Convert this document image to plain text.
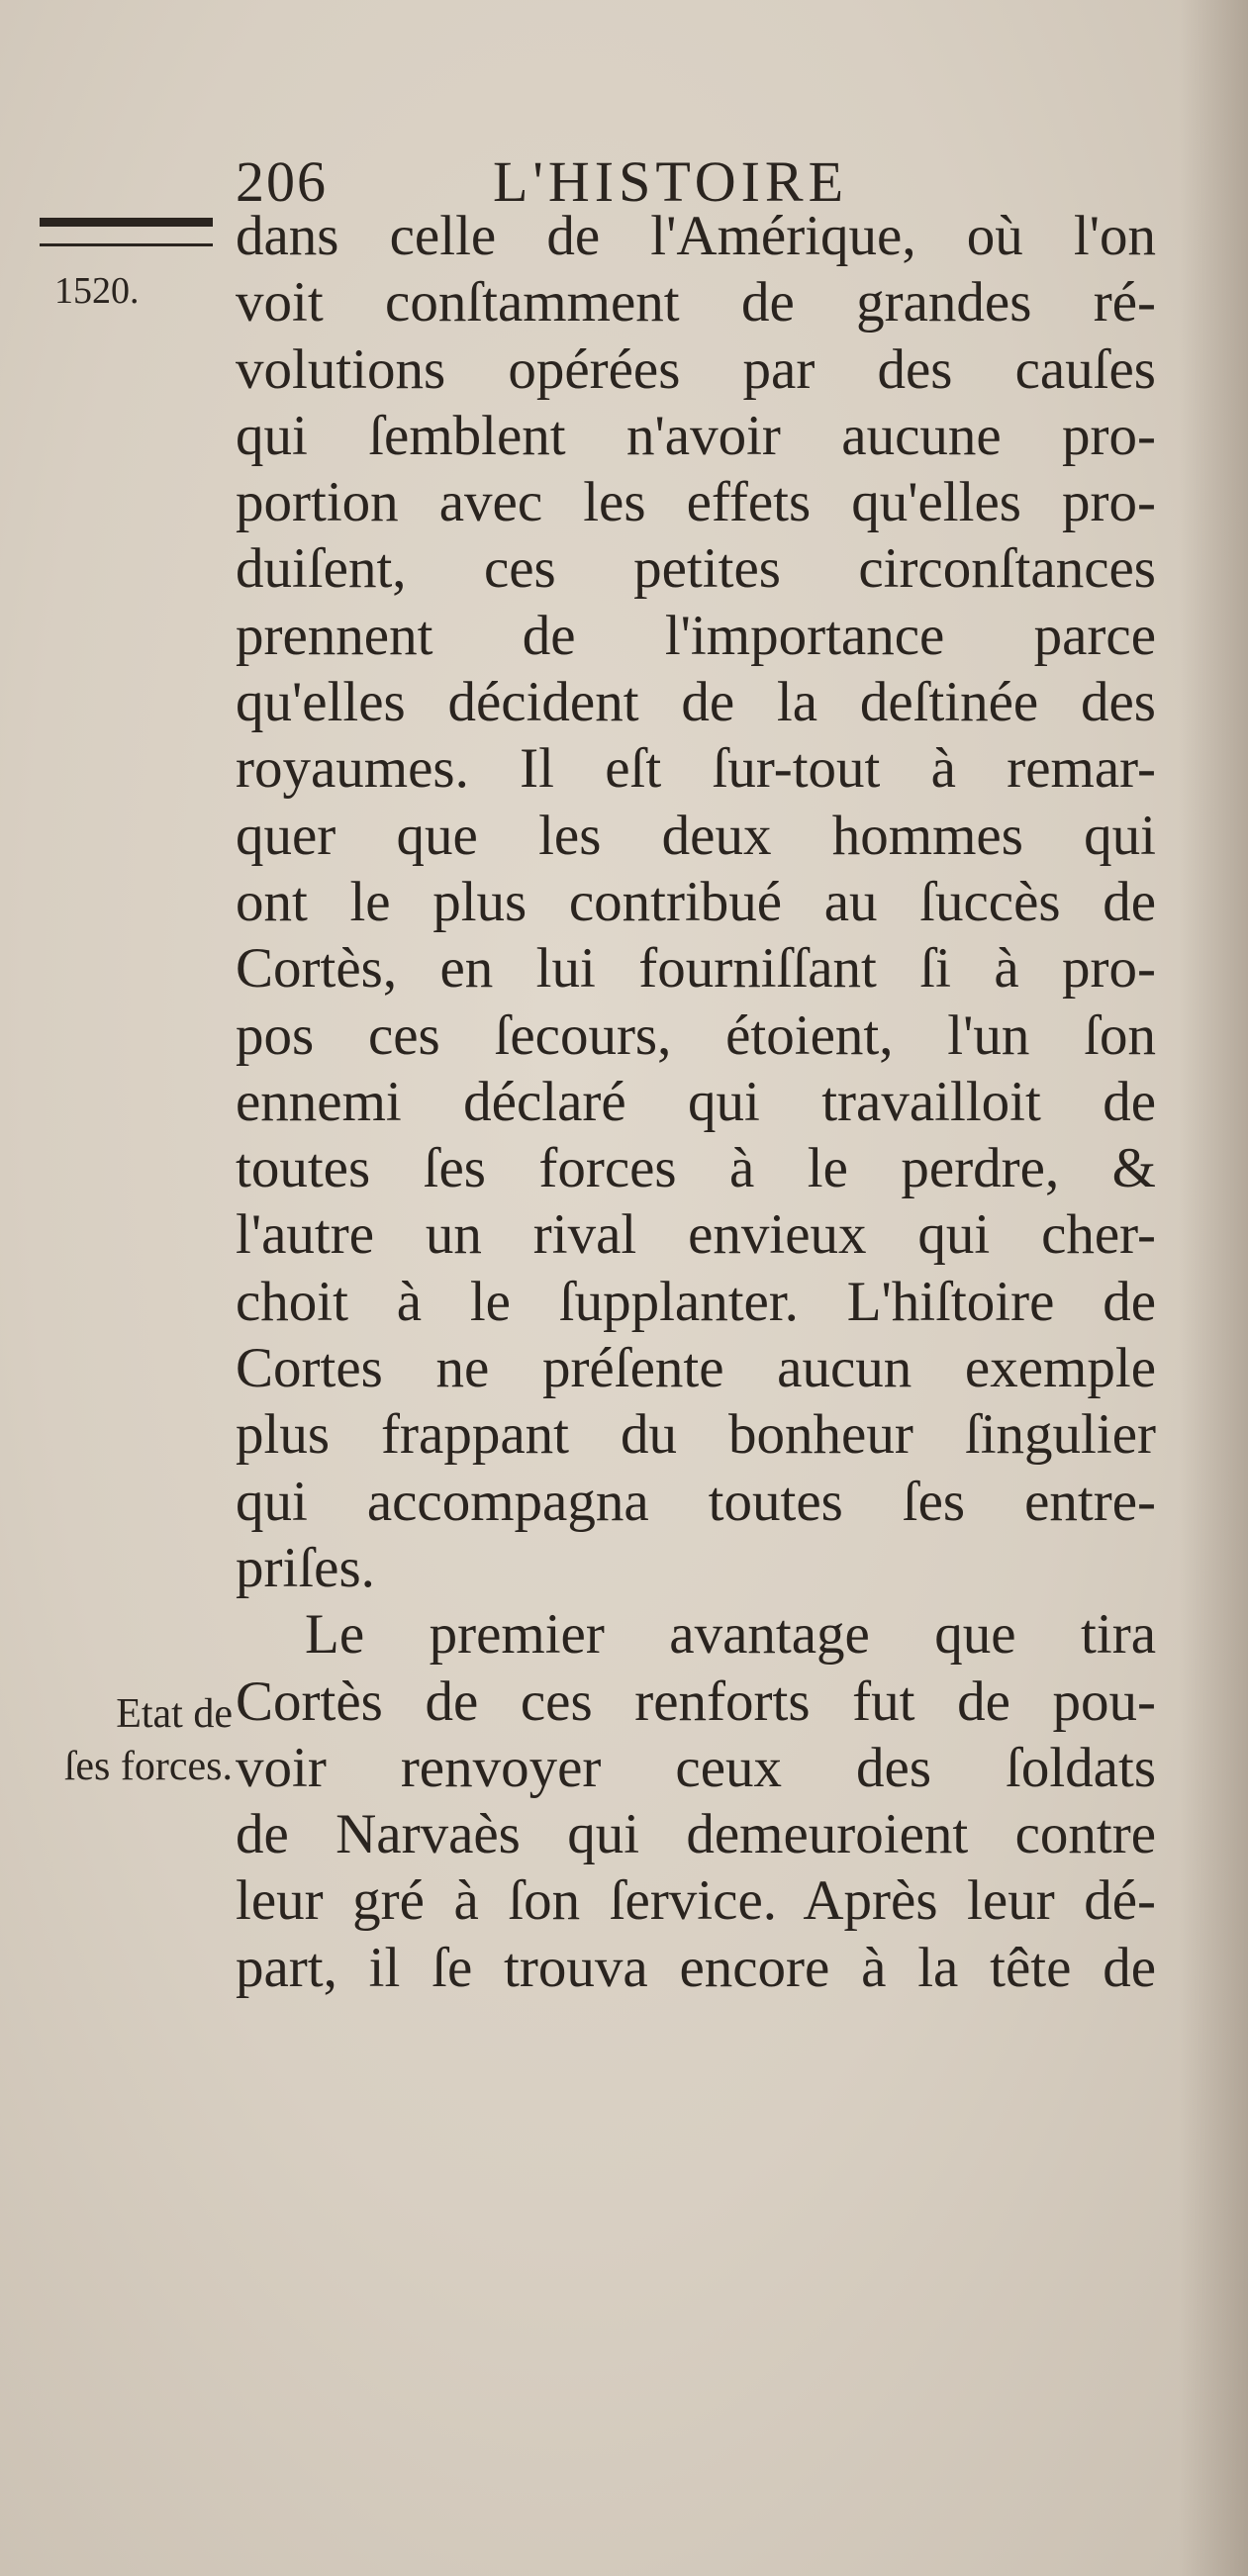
206	L'HISTOIRE
1520.
Etat de
ſes forces.
dans celle de l'Amérique, où l'on
voit conſtamment de grandes ré-
volutions opérées par des cauſes
qui ſemblent n'avoir aucune pro-
portion avec les effets qu'elles pro-
duiſent, ces petites circonſtances
prennent de l'importance parce
qu'elles décident de la deſtinée des
royaumes. Il eſt ſur-tout à remar-
quer que les deux hommes qui
ont le plus contribué au ſuccès de
Cortès, en lui fourniſſant ſi à pro-
pos ces ſecours, étoient, l'un ſon
ennemi déclaré qui travailloit de
toutes ſes forces à le perdre, &
l'autre un rival envieux qui cher-
choit à le ſupplanter. L'hiſtoire de
Cortes ne préſente aucun exemple
plus frappant du bonheur ſingulier
qui accompagna toutes ſes entre-
priſes.
Le premier avantage que tira
Cortès de ces renforts fut de pou-
voir renvoyer ceux des ſoldats
de Narvaès qui demeuroient contre
leur gré à ſon ſervice. Après leur dé-
part, il ſe trouva encore à la tête de
